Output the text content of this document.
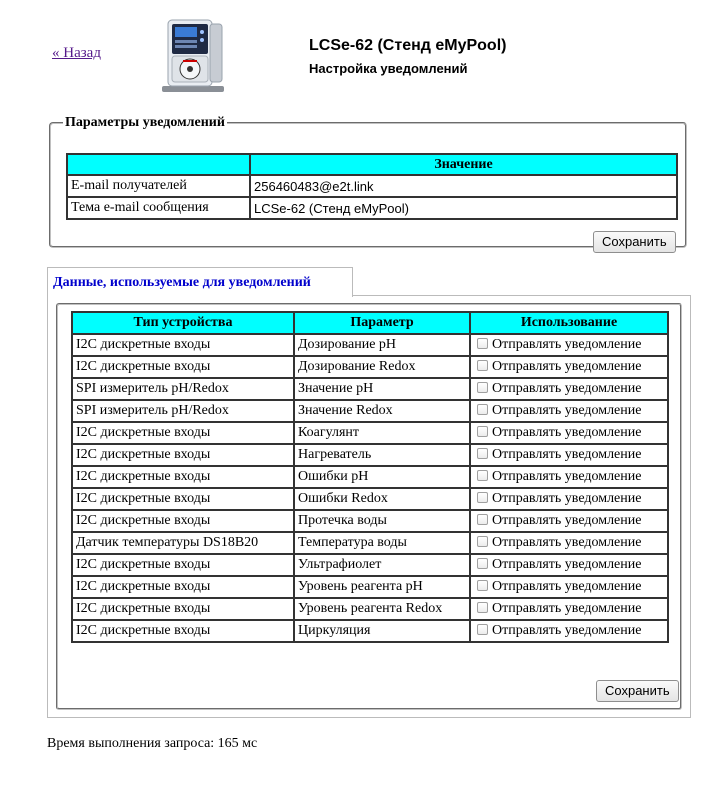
« Назад	LCSe-62 (Стенд eMyPool)
Настройка уведомлений
Параметры уведомлений
	Значение
E-mail получателей	256460483@e2t.link
Тема e-mail сообщения	LCSe-62 (Стенд eMyPool)
Сохранить
Данные, используемые для уведомлений
Тип устройства	Параметр	Использование
I2C дискретные входы	Дозирование pH	Отправлять уведомление
I2C дискретные входы	Дозирование Redox	Отправлять уведомление
SPI измеритель pH/Redox	Значение pH	Отправлять уведомление
SPI измеритель pH/Redox	Значение Redox	Отправлять уведомление
I2C дискретные входы	Коагулянт	Отправлять уведомление
I2C дискретные входы	Нагреватель	Отправлять уведомление
I2C дискретные входы	Ошибки pH	Отправлять уведомление
I2C дискретные входы	Ошибки Redox	Отправлять уведомление
I2C дискретные входы	Протечка воды	Отправлять уведомление
Датчик температуры DS18B20	Температура воды	Отправлять уведомление
I2C дискретные входы	Ультрафиолет	Отправлять уведомление
I2C дискретные входы	Уровень реагента pH	Отправлять уведомление
I2C дискретные входы	Уровень реагента Redox	Отправлять уведомление
I2C дискретные входы	Циркуляция	Отправлять уведомление
Сохранить
Время выполнения запроса: 165 мс
